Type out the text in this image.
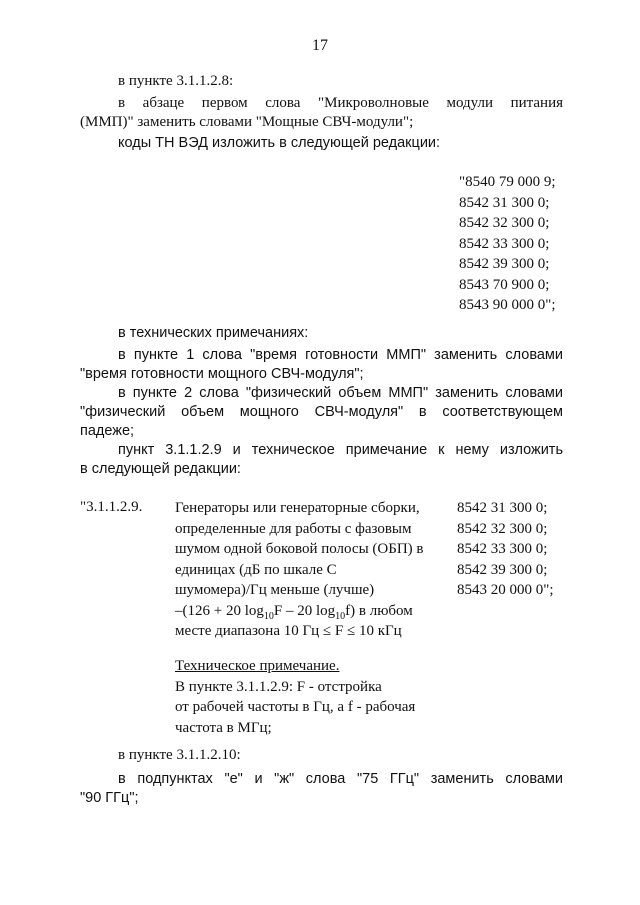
17
в пункте 3.1.1.2.8:
в абзаце первом слова "Микроволновые модули питания
(ММП)" заменить словами "Мощные СВЧ-модули";
коды ТН ВЭД изложить в следующей редакции:
"8540 79 000 9;
8542 31 300 0;
8542 32 300 0;
8542 33 300 0;
8542 39 300 0;
8543 70 900 0;
8543 90 000 0";
в технических примечаниях:
в пункте 1 слова "время готовности ММП" заменить словами
"время готовности мощного СВЧ-модуля";
в пункте 2 слова "физический объем ММП" заменить словами
"физический объем мощного СВЧ-модуля" в соответствующем
падеже;
пункт 3.1.1.2.9 и техническое примечание к нему изложить
в следующей редакции:
"3.1.1.2.9. Генераторы или генераторные сборки,
определенные для работы с фазовым
шумом одной боковой полосы (ОБП) в
единицах (дБ по шкале С
шумомера)/Гц меньше (лучше)
–(126 + 20 $\log_{10}F - 20$ $\log_{10}f$) в любом
месте диапазона 10 Гц ≤ F ≤ 10 кГц
8542 31 300 0;
8542 32 300 0;
8542 33 300 0;
8542 39 300 0;
8543 20 000 0";
Техническое примечание.
В пункте 3.1.1.2.9: F - отстройка
от рабочей частоты в Гц, а f - рабочая
частота в МГц;
в пункте 3.1.1.2.10:
в подпунктах "е" и "ж" слова "75 ГГц" заменить словами
"90 ГГц";
